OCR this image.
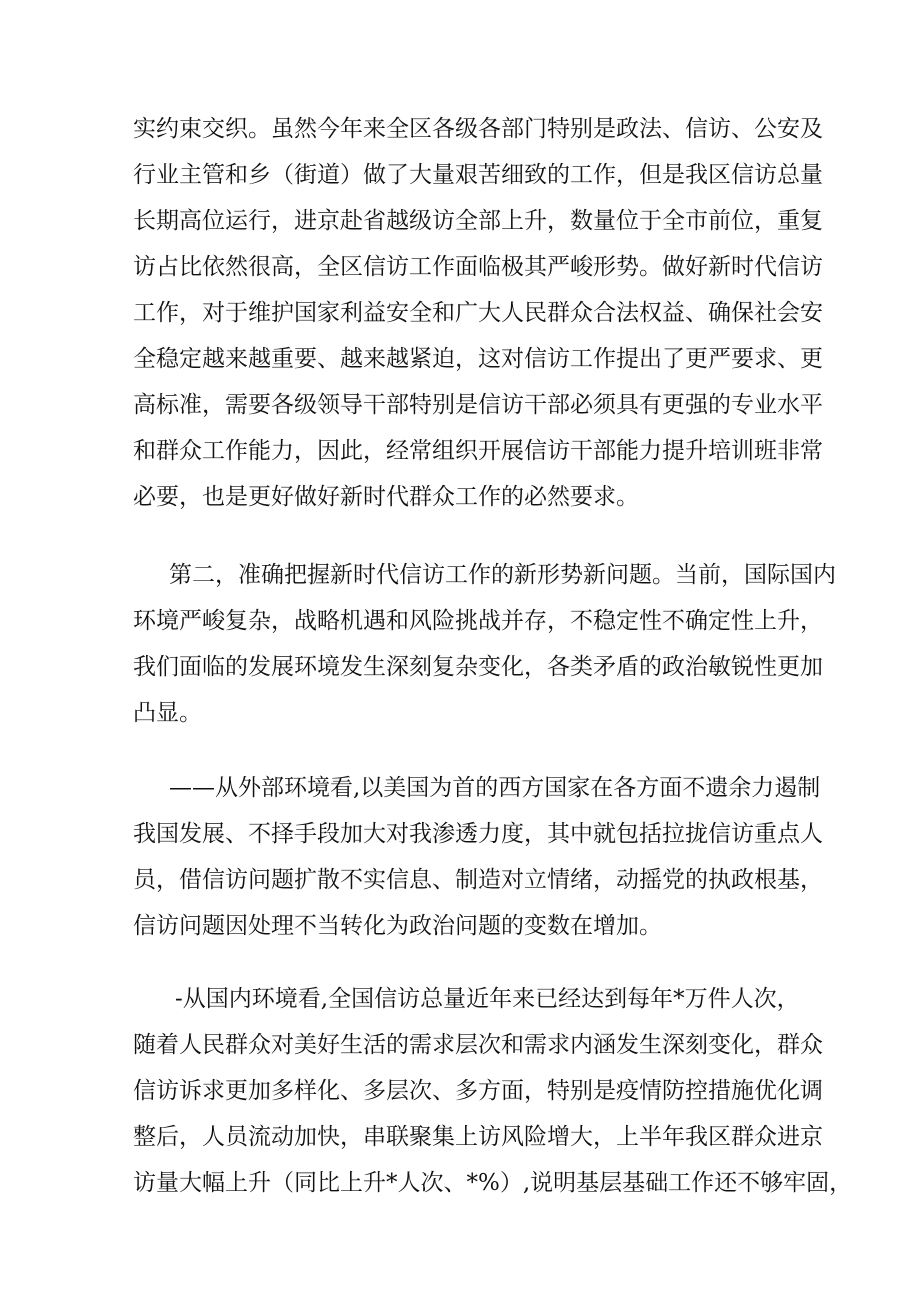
实约束交织。虽然今年来全区各级各部门特别是政法、信访、公安及
行业主管和乡（街道）做了大量艰苦细致的工作，但是我区信访总量
长期高位运行，进京赴省越级访全部上升，数量位于全市前位，重复
访占比依然很高，全区信访工作面临极其严峻形势。做好新时代信访
工作，对于维护国家利益安全和广大人民群众合法权益、确保社会安
全稳定越来越重要、越来越紧迫，这对信访工作提出了更严要求、更
高标准，需要各级领导干部特别是信访干部必须具有更强的专业水平
和群众工作能力，因此，经常组织开展信访干部能力提升培训班非常
必要，也是更好做好新时代群众工作的必然要求。
第二，准确把握新时代信访工作的新形势新问题。当前，国际国内
环境严峻复杂，战略机遇和风险挑战并存，不稳定性不确定性上升，
我们面临的发展环境发生深刻复杂变化，各类矛盾的政治敏锐性更加
凸显。
——从外部环境看,以美国为首的西方国家在各方面不遗余力遏制
我国发展、不择手段加大对我渗透力度，其中就包括拉拢信访重点人
员，借信访问题扩散不实信息、制造对立情绪，动摇党的执政根基，
信访问题因处理不当转化为政治问题的变数在增加。
-从国内环境看,全国信访总量近年来已经达到每年*万件人次，
随着人民群众对美好生活的需求层次和需求内涵发生深刻变化，群众
信访诉求更加多样化、多层次、多方面，特别是疫情防控措施优化调
整后，人员流动加快，串联聚集上访风险增大，上半年我区群众进京
访量大幅上升（同比上升*人次、*%）,说明基层基础工作还不够牢固，
